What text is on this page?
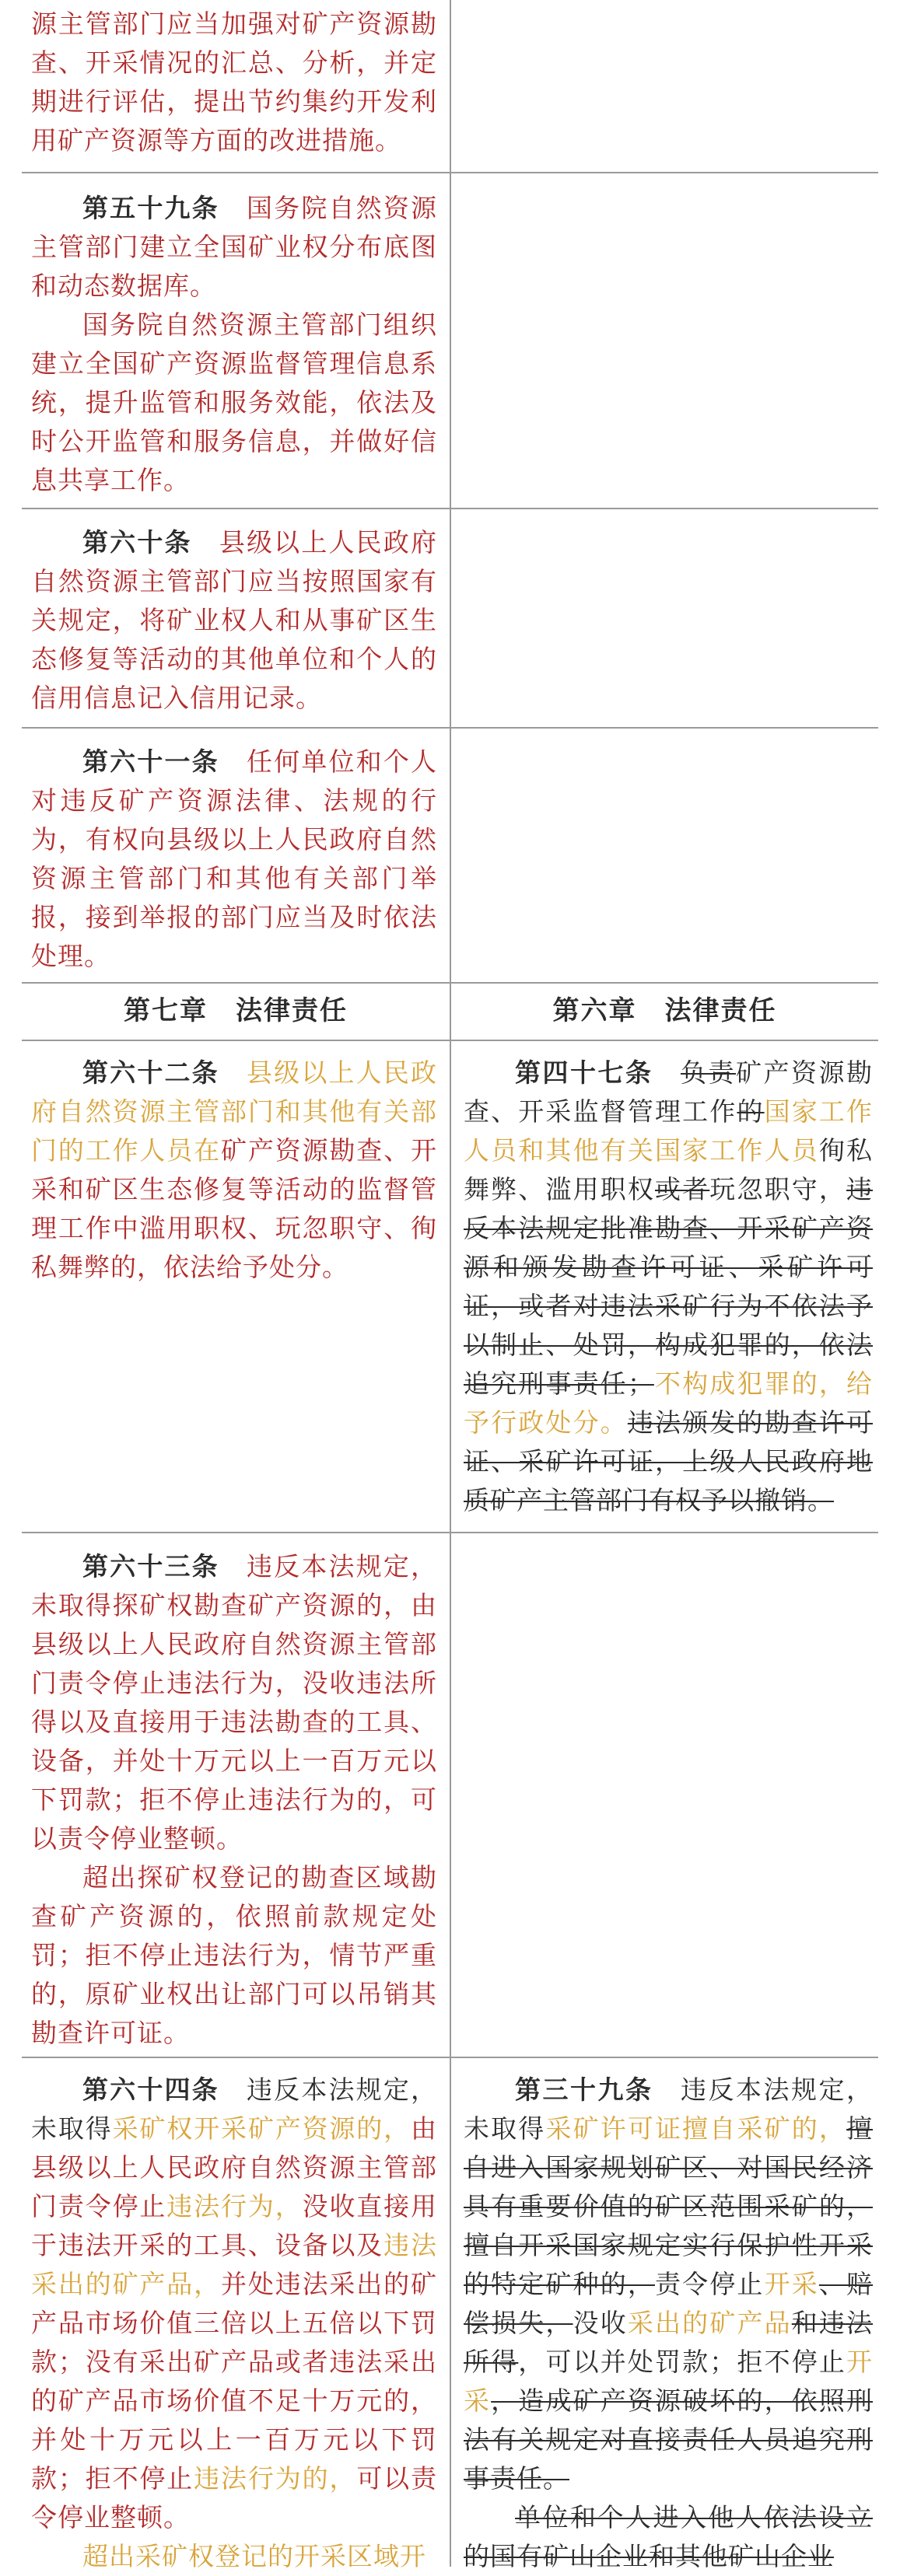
源主管部门应当加强对矿产资源勘查、开采情况的汇总、分析，并定期进行评估，提出节约集约开发利用矿产资源等方面的改进措施。

第五十九条　 国务院自然资源主管部门建立全国矿业权分布底图和动态数据库。

国务院自然资源主管部门组织建立全国矿产资源监督管理信息系统，提升监管和服务效能，依法及时公开监管和服务信息，并做好信息共享工作。

第六十条　 县级以上人民政府自然资源主管部门应当按照国家有关规定，将矿业权人和从事矿区生态修复等活动的其他单位和个人的信用信息记入信用记录。

第六十一条　 任何单位和个人对违反矿产资源法律、法规的行为，有权向县级以上人民政府自然资源主管部门和其他有关部门举报，接到举报的部门应当及时依法处理。

第七章　法律责任	第六章　法律责任

第六十二条　 县级以上人民政府自然资源主管部门和其他有关部门的工作人员在矿产资源勘查、开采和矿区生态修复等活动的监督管理工作中滥用职权、玩忽职守、徇私舞弊的，依法给予处分。

第四十七条　 负责矿产资源勘查、开采监督管理工作的国家工作人员和其他有关国家工作人员徇私舞弊、滥用职权或者玩忽职守，违反本法规定批准勘查、开采矿产资源和颁发勘查许可证、采矿许可证，或者对违法采矿行为不依法予以制止、处罚，构成犯罪的，依法追究刑事责任；不构成犯罪的，给予行政处分。违法颁发的勘查许可证、采矿许可证，上级人民政府地质矿产主管部门有权予以撤销。

第六十三条　 违反本法规定，未取得探矿权勘查矿产资源的，由县级以上人民政府自然资源主管部门责令停止违法行为，没收违法所得以及直接用于违法勘查的工具、设备，并处十万元以上一百万元以下罚款；拒不停止违法行为的，可以责令停业整顿。

超出探矿权登记的勘查区域勘查矿产资源的，依照前款规定处罚；拒不停止违法行为，情节严重的，原矿业权出让部门可以吊销其勘查许可证。

第六十四条　 违反本法规定，未取得采矿权开采矿产资源的，由县级以上人民政府自然资源主管部门责令停止违法行为，没收直接用于违法开采的工具、设备以及违法采出的矿产品，并处违法采出的矿产品市场价值三倍以上五倍以下罚款；没有采出矿产品或者违法采出的矿产品市场价值不足十万元的，并处十万元以上一百万元以下罚款；拒不停止违法行为的，可以责令停业整顿。

超出采矿权登记的开采区域开

第三十九条　 违反本法规定，未取得采矿许可证擅自采矿的，擅自进入国家规划矿区、对国民经济具有重要价值的矿区范围采矿的，擅自开采国家规定实行保护性开采的特定矿种的，责令停止开采、赔偿损失，没收采出的矿产品和违法所得，可以并处罚款；拒不停止开采，造成矿产资源破坏的，依照刑法有关规定对直接责任人员追究刑事责任。

单位和个人进入他人依法设立的国有矿山企业和其他矿山企业
